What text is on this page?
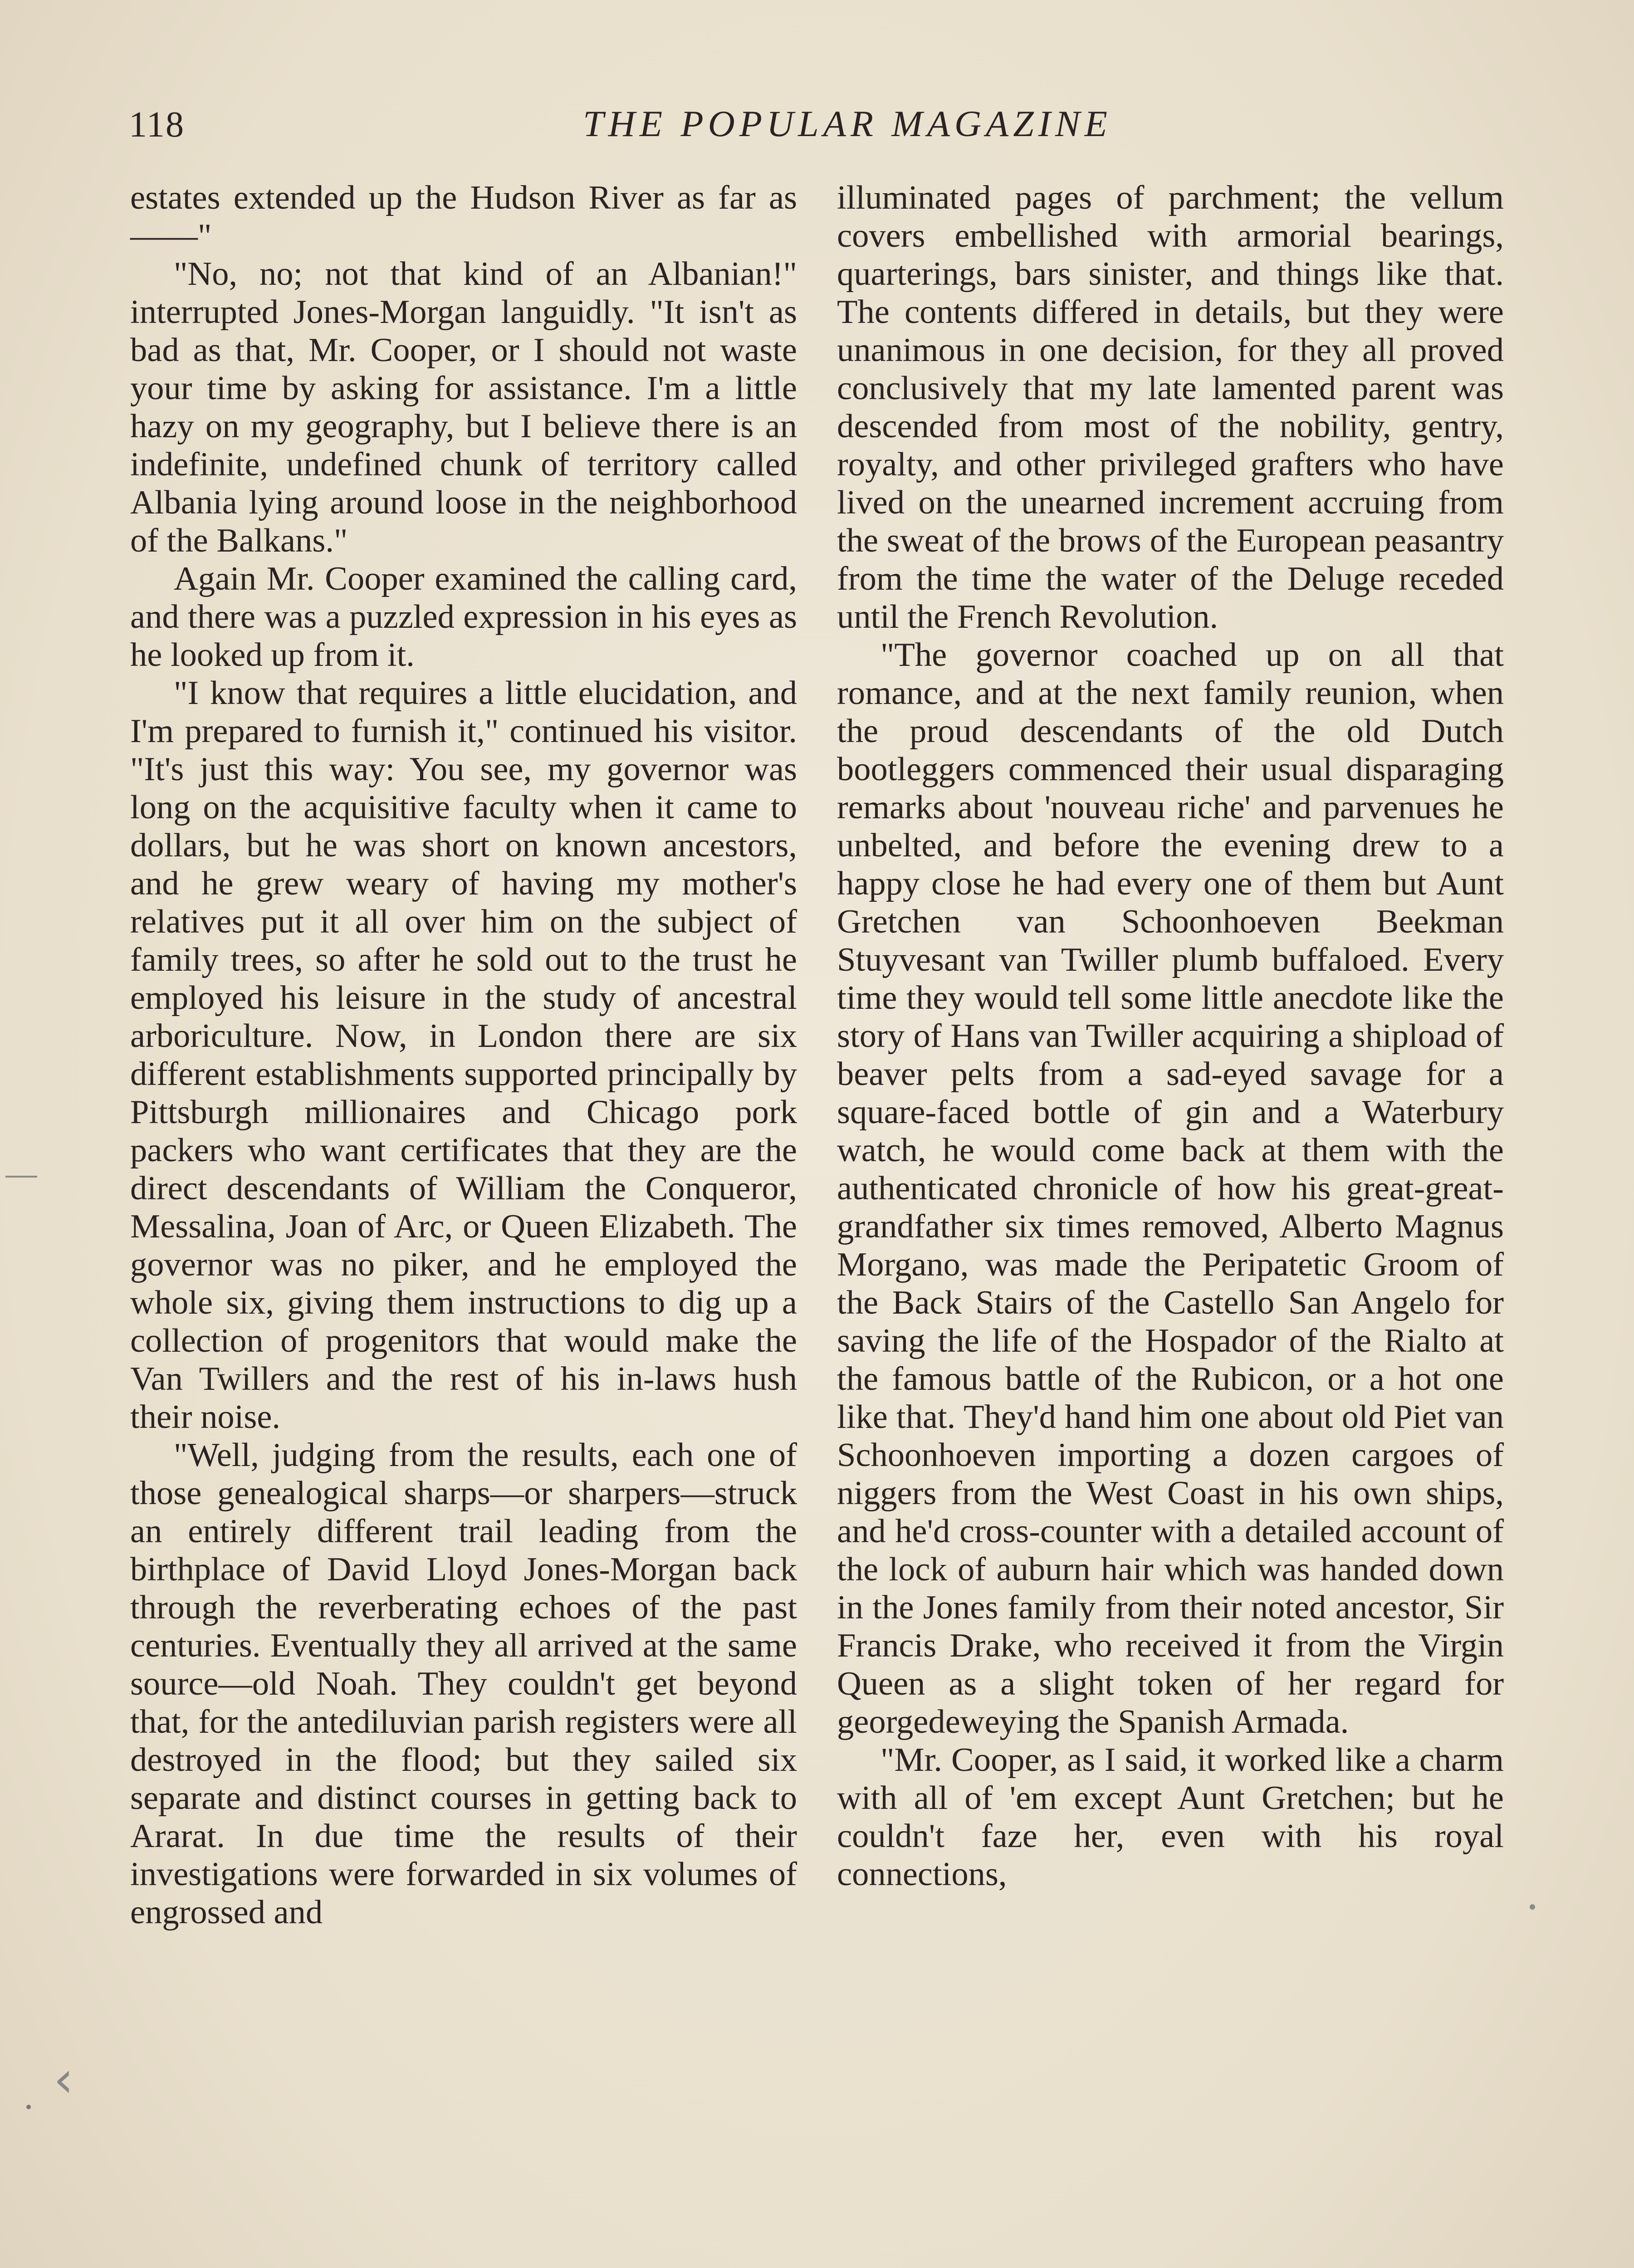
118	THE POPULAR MAGAZINE

estates extended up the Hudson River as far as——"

"No, no; not that kind of an Albanian!" interrupted Jones-Morgan languidly. "It isn't as bad as that, Mr. Cooper, or I should not waste your time by asking for assistance. I'm a little hazy on my geography, but I believe there is an indefinite, undefined chunk of territory called Albania lying around loose in the neighborhood of the Balkans."

Again Mr. Cooper examined the calling card, and there was a puzzled expression in his eyes as he looked up from it.

"I know that requires a little elucidation, and I'm prepared to furnish it," continued his visitor. "It's just this way: You see, my governor was long on the acquisitive faculty when it came to dollars, but he was short on known ancestors, and he grew weary of having my mother's relatives put it all over him on the subject of family trees, so after he sold out to the trust he employed his leisure in the study of ancestral arboriculture. Now, in London there are six different establishments supported principally by Pittsburgh millionaires and Chicago pork packers who want certificates that they are the direct descendants of William the Conqueror, Messalina, Joan of Arc, or Queen Elizabeth. The governor was no piker, and he employed the whole six, giving them instructions to dig up a collection of progenitors that would make the Van Twillers and the rest of his in-laws hush their noise.

"Well, judging from the results, each one of those genealogical sharps—or sharpers—struck an entirely different trail leading from the birthplace of David Lloyd Jones-Morgan back through the reverberating echoes of the past centuries. Eventually they all arrived at the same source—old Noah. They couldn't get beyond that, for the antediluvian parish registers were all destroyed in the flood; but they sailed six separate and distinct courses in getting back to Ararat. In due time the results of their investigations were forwarded in six volumes of engrossed and

illuminated pages of parchment; the vellum covers embellished with armorial bearings, quarterings, bars sinister, and things like that. The contents differed in details, but they were unanimous in one decision, for they all proved conclusively that my late lamented parent was descended from most of the nobility, gentry, royalty, and other privileged grafters who have lived on the unearned increment accruing from the sweat of the brows of the European peasantry from the time the water of the Deluge receded until the French Revolution.

"The governor coached up on all that romance, and at the next family reunion, when the proud descendants of the old Dutch bootleggers commenced their usual disparaging remarks about 'nouveau riche' and parvenues he unbelted, and before the evening drew to a happy close he had every one of them but Aunt Gretchen van Schoonhoeven Beekman Stuyvesant van Twiller plumb buffaloed. Every time they would tell some little anecdote like the story of Hans van Twiller acquiring a shipload of beaver pelts from a sad-eyed savage for a square-faced bottle of gin and a Waterbury watch, he would come back at them with the authenticated chronicle of how his great-great-grandfather six times removed, Alberto Magnus Morgano, was made the Peripatetic Groom of the Back Stairs of the Castello San Angelo for saving the life of the Hospador of the Rialto at the famous battle of the Rubicon, or a hot one like that. They'd hand him one about old Piet van Schoonhoeven importing a dozen cargoes of niggers from the West Coast in his own ships, and he'd cross-counter with a detailed account of the lock of auburn hair which was handed down in the Jones family from their noted ancestor, Sir Francis Drake, who received it from the Virgin Queen as a slight token of her regard for georgedeweying the Spanish Armada.

"Mr. Cooper, as I said, it worked like a charm with all of 'em except Aunt Gretchen; but he couldn't faze her, even with his royal connections,

‹
